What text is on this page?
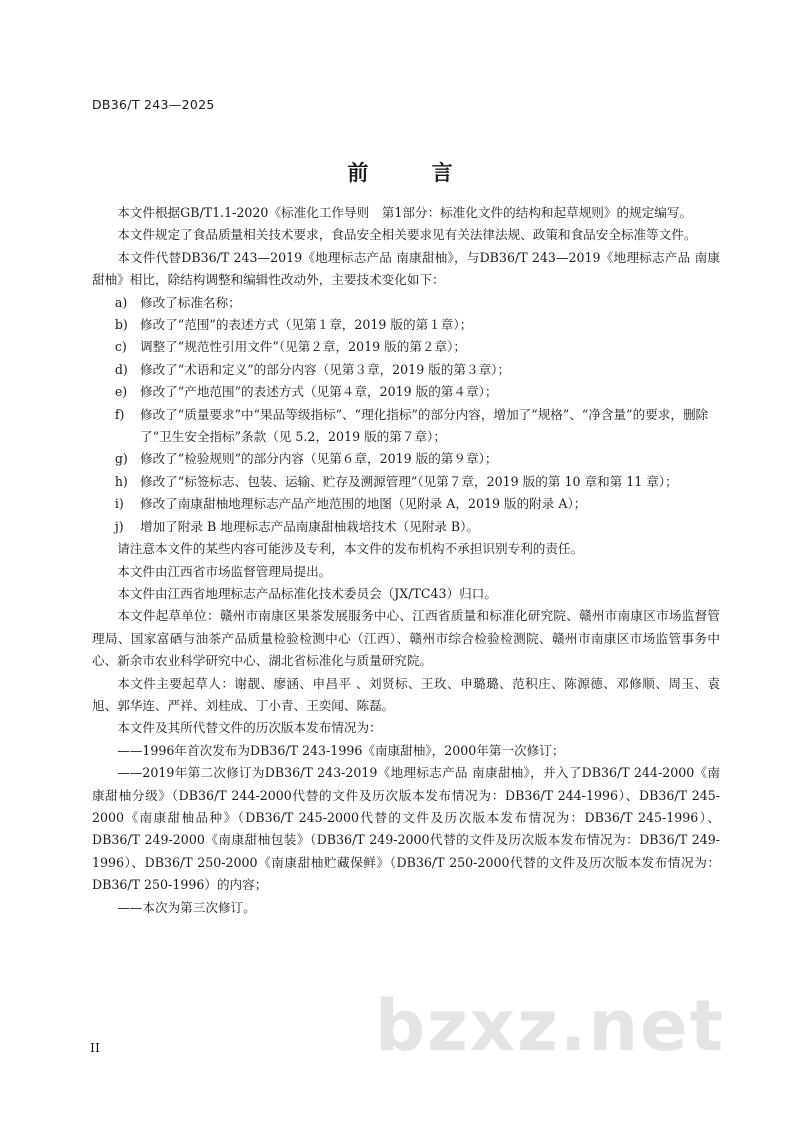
DB36/T 243—2025
前 言

本文件根据GB/T1.1-2020《标准化工作导则　第1部分：标准化文件的结构和起草规则》的规定编写。

本文件规定了食品质量相关技术要求，食品安全相关要求见有关法律法规、政策和食品安全标准等文件。

本文件代替DB36/T 243—2019《地理标志产品 南康甜柚》，与DB36/T 243—2019《地理标志产品 南康甜柚》相比，除结构调整和编辑性改动外，主要技术变化如下：

a) 修改了标准名称；

b) 修改了“范围”的表述方式（见第１章，2019 版的第１章）；

c) 调整了“规范性引用文件”（见第２章，2019 版的第２章）；

d) 修改了“术语和定义”的部分内容（见第３章，2019 版的第３章）；

e) 修改了“产地范围”的表述方式（见第４章，2019 版的第４章）；

f) 修改了“质量要求”中“果品等级指标”、“理化指标”的部分内容，增加了“规格”、“净含量”的要求，删除了“卫生安全指标”条款（见 5.2，2019 版的第７章）；

g) 修改了“检验规则”的部分内容（见第６章，2019 版的第９章）；

h) 修改了“标签标志、包装、运输、贮存及溯源管理”（见第７章，2019 版的第 10 章和第 11 章）；

i) 修改了南康甜柚地理标志产品产地范围的地图（见附录 A，2019 版的附录 A）；

j) 增加了附录 B 地理标志产品南康甜柚栽培技术（见附录 B）。

请注意本文件的某些内容可能涉及专利，本文件的发布机构不承担识别专利的责任。

本文件由江西省市场监督管理局提出。

本文件由江西省地理标志产品标准化技术委员会（JX/TC43）归口。

本文件起草单位：赣州市南康区果茶发展服务中心、江西省质量和标准化研究院、赣州市南康区市场监督管理局、国家富硒与油茶产品质量检验检测中心（江西）、赣州市综合检验检测院、赣州市南康区市场监管事务中心、新余市农业科学研究中心、湖北省标准化与质量研究院。

本文件主要起草人：谢靓、廖涵、申昌平 、刘贤标、王玫、申璐璐、范积庄、陈源德、邓修顺、周玉、袁旭、郭华连、严祥、刘桂成、丁小青、王奕闻、陈磊。

本文件及其所代替文件的历次版本发布情况为：

——1996年首次发布为DB36/T 243-1996《南康甜柚》，2000年第一次修订；

——2019年第二次修订为DB36/T 243-2019《地理标志产品 南康甜柚》，并入了DB36/T 244-2000《南康甜柚分级》（DB36/T 244-2000代替的文件及历次版本发布情况为：DB36/T 244-1996）、DB36/T 245-2000《南康甜柚品种》（DB36/T 245-2000代替的文件及历次版本发布情况为：DB36/T 245-1996）、DB36/T 249-2000《南康甜柚包装》（DB36/T 249-2000代替的文件及历次版本发布情况为：DB36/T 249-1996）、DB36/T 250-2000《南康甜柚贮藏保鲜》（DB36/T 250-2000代替的文件及历次版本发布情况为：DB36/T 250-1996）的内容；

——本次为第三次修订。

bzxz.net
II
